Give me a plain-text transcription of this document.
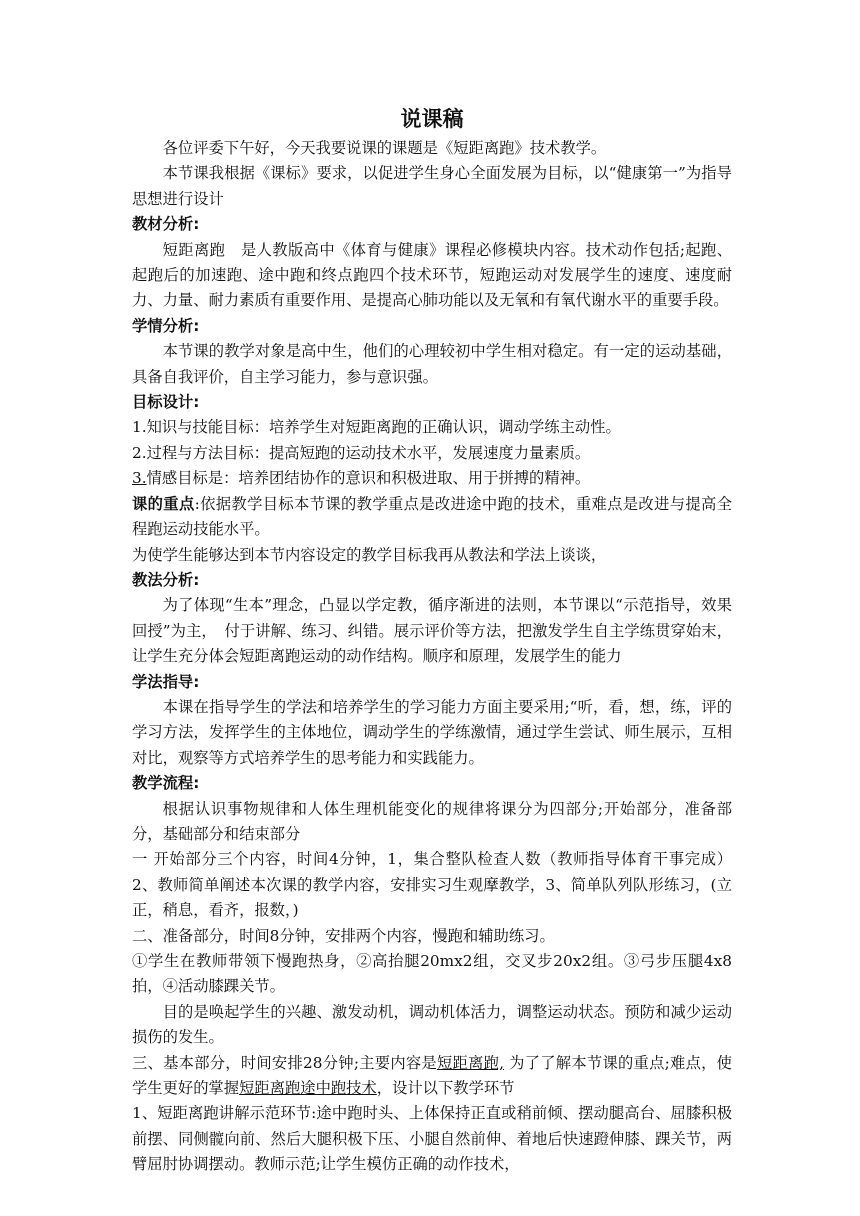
说课稿

各位评委下午好，今天我要说课的课题是《短距离跑》技术教学。

本节课我根据《课标》要求，以促进学生身心全面发展为目标，以“健康第一”为指导思想进行设计

教材分析:

短距离跑　是人教版高中《体育与健康》课程必修模块内容。技术动作包括;起跑、起跑后的加速跑、途中跑和终点跑四个技术环节，短跑运动对发展学生的速度、速度耐力、力量、耐力素质有重要作用、是提高心肺功能以及无氧和有氧代谢水平的重要手段。

学情分析:

本节课的教学对象是高中生，他们的心理较初中学生相对稳定。有一定的运动基础，具备自我评价，自主学习能力，参与意识强。

目标设计:

1.知识与技能目标：培养学生对短距离跑的正确认识，调动学练主动性。

2.过程与方法目标：提高短跑的运动技术水平，发展速度力量素质。

3.情感目标是：培养团结协作的意识和积极进取、用于拼搏的精神。

课的重点:依据教学目标本节课的教学重点是改进途中跑的技术，重难点是改进与提高全程跑运动技能水平。

为使学生能够达到本节内容设定的教学目标我再从教法和学法上谈谈，

教法分析:

为了体现“生本”理念，凸显以学定教，循序渐进的法则，本节课以“示范指导，效果回授”为主，　付于讲解、练习、纠错。展示评价等方法，把激发学生自主学练贯穿始末，让学生充分体会短距离跑运动的动作结构。顺序和原理，发展学生的能力

学法指导:

本课在指导学生的学法和培养学生的学习能力方面主要采用;“听，看，想，练，评的学习方法，发挥学生的主体地位，调动学生的学练激情，通过学生尝试、师生展示，互相对比，观察等方式培养学生的思考能力和实践能力。

教学流程:

根据认识事物规律和人体生理机能变化的规律将课分为四部分;开始部分，准备部分，基础部分和结束部分

一 开始部分三个内容，时间4分钟，1，集合整队检查人数（教师指导体育干事完成）2、教师简单阐述本次课的教学内容，安排实习生观摩教学，3、简单队列队形练习，(立正，稍息，看齐，报数，)

二、准备部分，时间8分钟，安排两个内容，慢跑和辅助练习。

①学生在教师带领下慢跑热身，②高抬腿20mx2组，交叉步20x2组。③弓步压腿4x8拍，④活动膝踝关节。

目的是唤起学生的兴趣、激发动机，调动机体活力，调整运动状态。预防和减少运动损伤的发生。

三、基本部分，时间安排28分钟;主要内容是短距离跑, 为了了解本节课的重点;难点，使学生更好的掌握短距离跑途中跑技术，设计以下教学环节

1、短距离跑讲解示范环节:途中跑时头、上体保持正直或稍前倾、摆动腿高台、屈膝积极前摆、同侧髋向前、然后大腿积极下压、小腿自然前伸、着地后快速蹬伸膝、踝关节，两臂屈肘协调摆动。教师示范;让学生模仿正确的动作技术，
